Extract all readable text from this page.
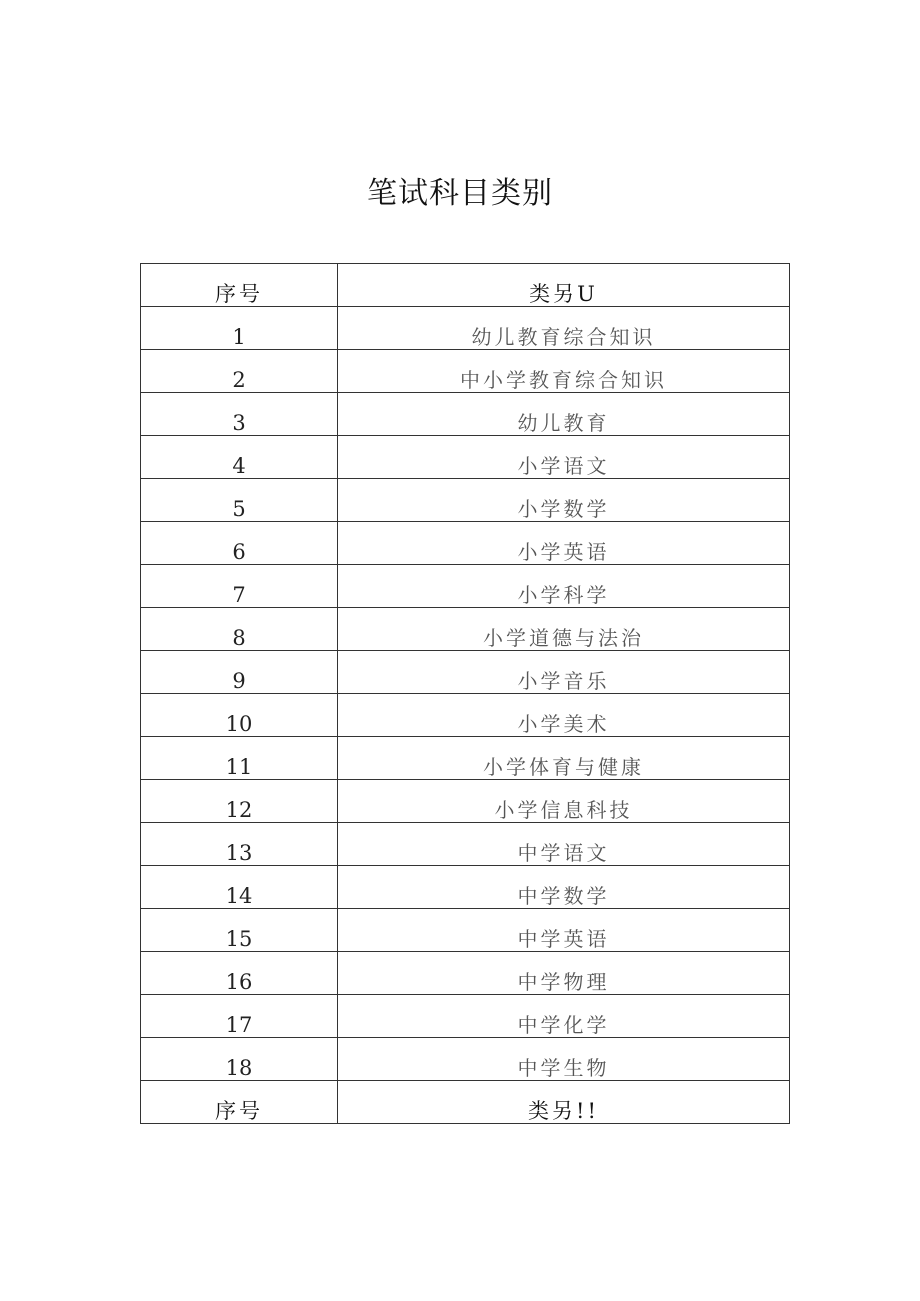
笔试科目类别
序号	类另U
1	幼儿教育综合知识
2	中小学教育综合知识
3	幼儿教育
4	小学语文
5	小学数学
6	小学英语
7	小学科学
8	小学道德与法治
9	小学音乐
10	小学美术
11	小学体育与健康
12	小学信息科技
13	中学语文
14	中学数学
15	中学英语
16	中学物理
17	中学化学
18	中学生物
序号	类另!!
